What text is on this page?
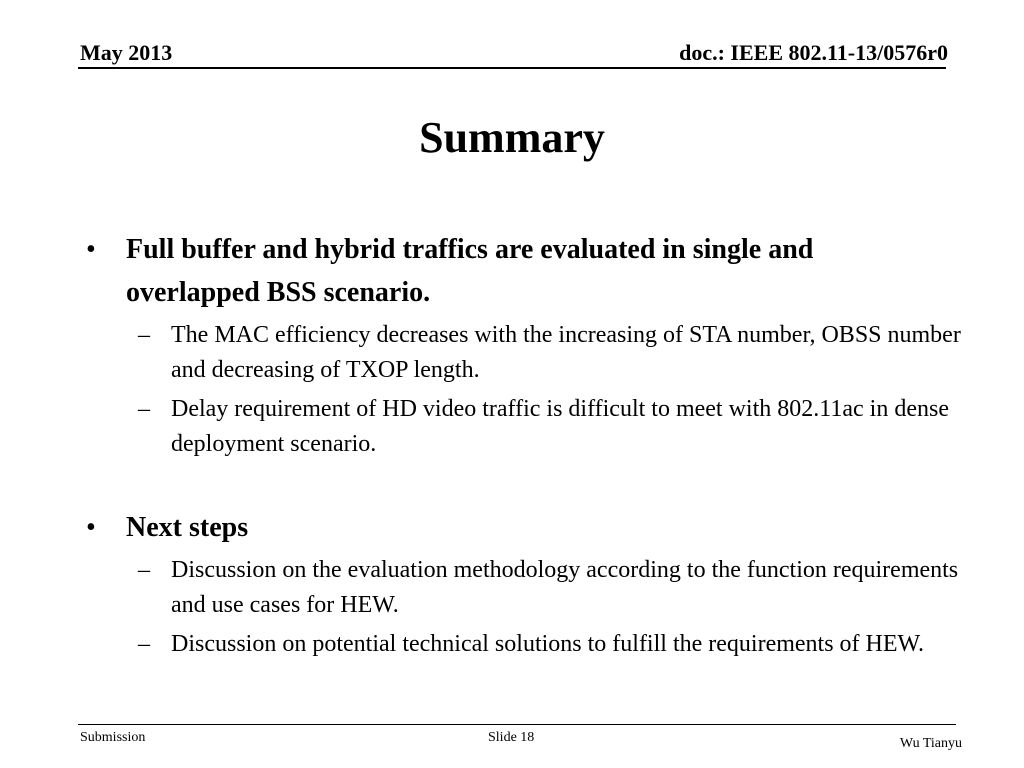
May 2013	doc.: IEEE 802.11-13/0576r0
Summary
• Full buffer and hybrid traffics are evaluated in single and overlapped BSS scenario.
– The MAC efficiency decreases with the increasing of STA number, OBSS number and decreasing of TXOP length.
– Delay requirement of HD video traffic is difficult to meet with 802.11ac in dense deployment scenario.
• Next steps
– Discussion on the evaluation methodology according to the function requirements and use cases for HEW.
– Discussion on potential technical solutions to fulfill the requirements of HEW.
Submission	Slide 18	Wu Tianyu
